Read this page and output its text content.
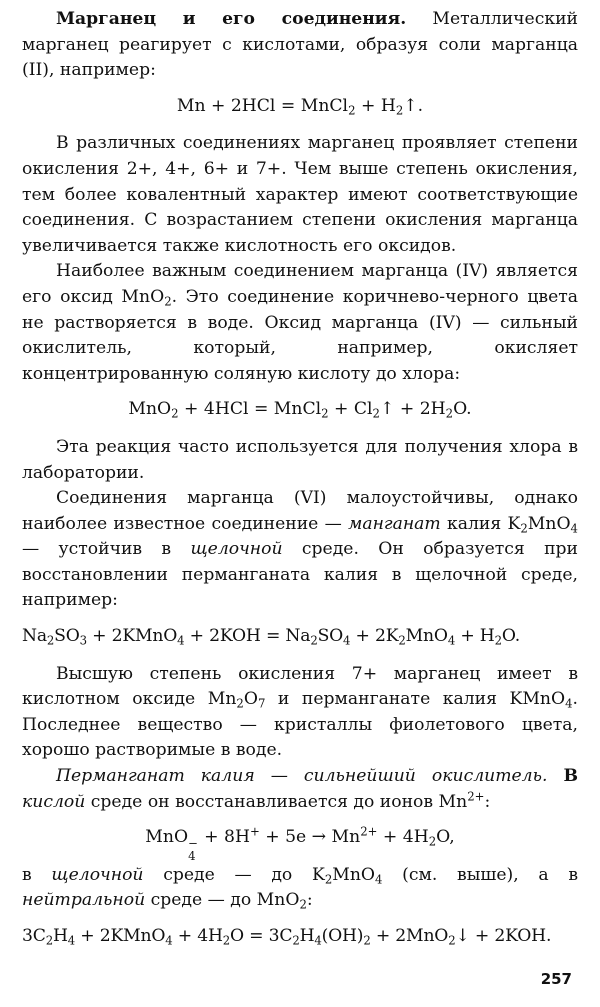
Марганец и его соединения. Металлический марганец реагирует с кислотами, образуя соли марганца (II), например:

Mn + 2HCl = MnCl$_2$ + $H_2↑$.

В различных соединениях марганец проявляет степени окисления 2+, 4+, 6+ и 7+. Чем выше степень окисления, тем более ковалентный характер имеют соответствующие соединения. С возрастанием степени окисления марганца увеличивается также кислотность его оксидов.

Наиболее важным соединением марганца (IV) является его оксид MnO$_2$. Это соединение коричнево-черного цвета не растворяется в воде. Оксид марганца (IV) — сильный окислитель, который, например, окисляет концентрированную соляную кислоту до хлора:

MnO$_2$ + 4HCl = MnCl$_2$ + $Cl_2↑ + 2H_2O$.

Эта реакция часто используется для получения хлора в лаборатории.

Соединения марганца (VI) малоустойчивы, однако наиболее известное соединение — манганат калия $K_2MnO_4$ — устойчив в щелочной среде. Он образуется при восстановлении перманганата калия в щелочной среде, например:

$Na_2SO_3$ + 2KMnO$_4$ + $2KOH = Na_2SO_4 + 2K_2MnO_4 + H_2O$.

Высшую степень окисления 7+ марганец имеет в кислотном оксиде $Mn_2O_7$ и перманганате калия KMnO$_4$. Последнее вещество — кристаллы фиолетового цвета, хорошо растворимые в воде.

Перманганат калия — сильнейший окислитель. В кислой среде он восстанавливается до ионов $Mn^{2+}$:

MnO −
4
+ $8H^+ + 5e \to Mn^{2+} + 4H_2O$,

в щелочной среде — до $K_2MnO_4$ (см. выше), а в нейтральной среде — до MnO$_2$:

$3C_2H_4$ + 2KMnO$_4$ + $4H_2O = 3C_2H_4(OH)_2$ + 2MnO$_2$↓ + 2KOH.
257
